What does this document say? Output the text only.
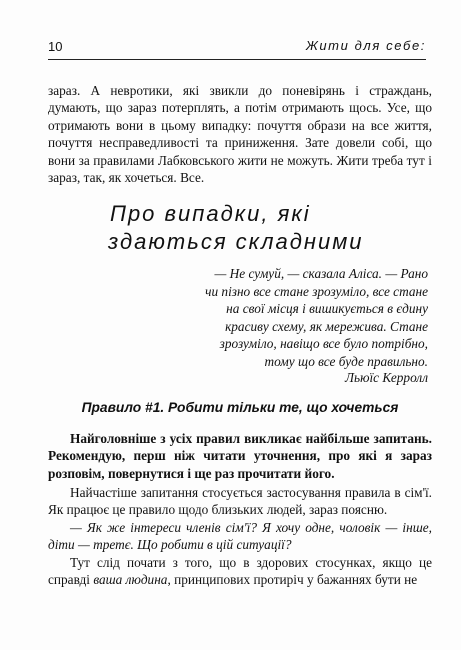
10	Жити для себе:

зараз. А невротики, які звикли до поневірянь і страждань, думають, що зараз потерплять, а потім отримають щось. Усе, що отримають вони в цьому випадку: почуття образи на все життя, почуття несправедливості та приниження. Зате довели собі, що вони за правилами Лабковського жити не можуть. Жити треба тут і зараз, так, як хочеться. Все.

Про випадки, які
здаються складними

— Не сумуй, — сказала Аліса. — Рано
чи пізно все стане зрозуміло, все стане
на свої місця і вишикується в єдину
красиву схему, як мережива. Стане
зрозуміло, навіщо все було потрібно,
тому що все буде правильно.

Льюїс Керролл

Правило #1. Робити тільки те, що хочеться

Найголовніше з усіх правил викликає найбільше запитань. Рекомендую, перш ніж читати уточнення, про які я зараз розповім, повернутися і ще раз прочитати його.

Найчастіше запитання стосується застосування правила в сім'ї. Як працює це правило щодо близьких людей, зараз поясню.

— Як же інтереси членів сім'ї? Я хочу одне, чоловік — інше, діти — третє. Що робити в цій ситуації?

Тут слід почати з того, що в здорових стосунках, якщо це справді ваша людина, принципових протиріч у бажаннях бути не
